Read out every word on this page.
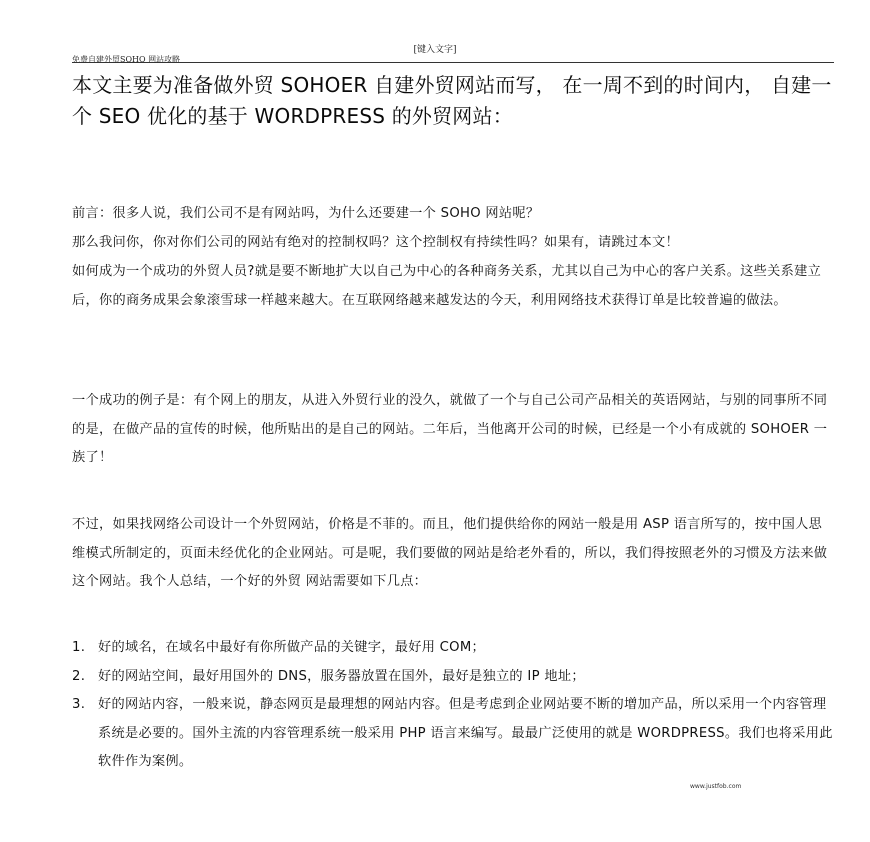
[键入文字]
免费自建外贸SOHO 网站攻略
本文主要为准备做外贸 SOHOER 自建外贸网站而写， 在一周不到的时间内， 自建一个 SEO 优化的基于 WORDPRESS 的外贸网站：

前言：很多人说，我们公司不是有网站吗，为什么还要建一个 SOHO 网站呢？

那么我问你，你对你们公司的网站有绝对的控制权吗？这个控制权有持续性吗？如果有，请跳过本文！

如何成为一个成功的外贸人员?就是要不断地扩大以自己为中心的各种商务关系，尤其以自己为中心的客户关系。这些关系建立后，你的商务成果会象滚雪球一样越来越大。在互联网络越来越发达的今天，利用网络技术获得订单是比较普遍的做法。

一个成功的例子是：有个网上的朋友，从进入外贸行业的没久，就做了一个与自己公司产品相关的英语网站，与别的同事所不同的是，在做产品的宣传的时候，他所贴出的是自己的网站。二年后，当他离开公司的时候，已经是一个小有成就的 SOHOER 一族了！

不过，如果找网络公司设计一个外贸网站，价格是不菲的。而且，他们提供给你的网站一般是用 ASP 语言所写的，按中国人思维模式所制定的，页面未经优化的企业网站。可是呢，我们要做的网站是给老外看的，所以，我们得按照老外的习惯及方法来做这个网站。我个人总结，一个好的外贸 网站需要如下几点：

1. 好的域名，在域名中最好有你所做产品的关键字，最好用 COM；
2. 好的网站空间，最好用国外的 DNS，服务器放置在国外，最好是独立的 IP 地址；
3. 好的网站内容，一般来说，静态网页是最理想的网站内容。但是考虑到企业网站要不断的增加产品，所以采用一个内容管理系统是必要的。国外主流的内容管理系统一般采用 PHP 语言来编写。最最广泛使用的就是 WORDPRESS。我们也将采用此软件作为案例。
www.justfob.com
